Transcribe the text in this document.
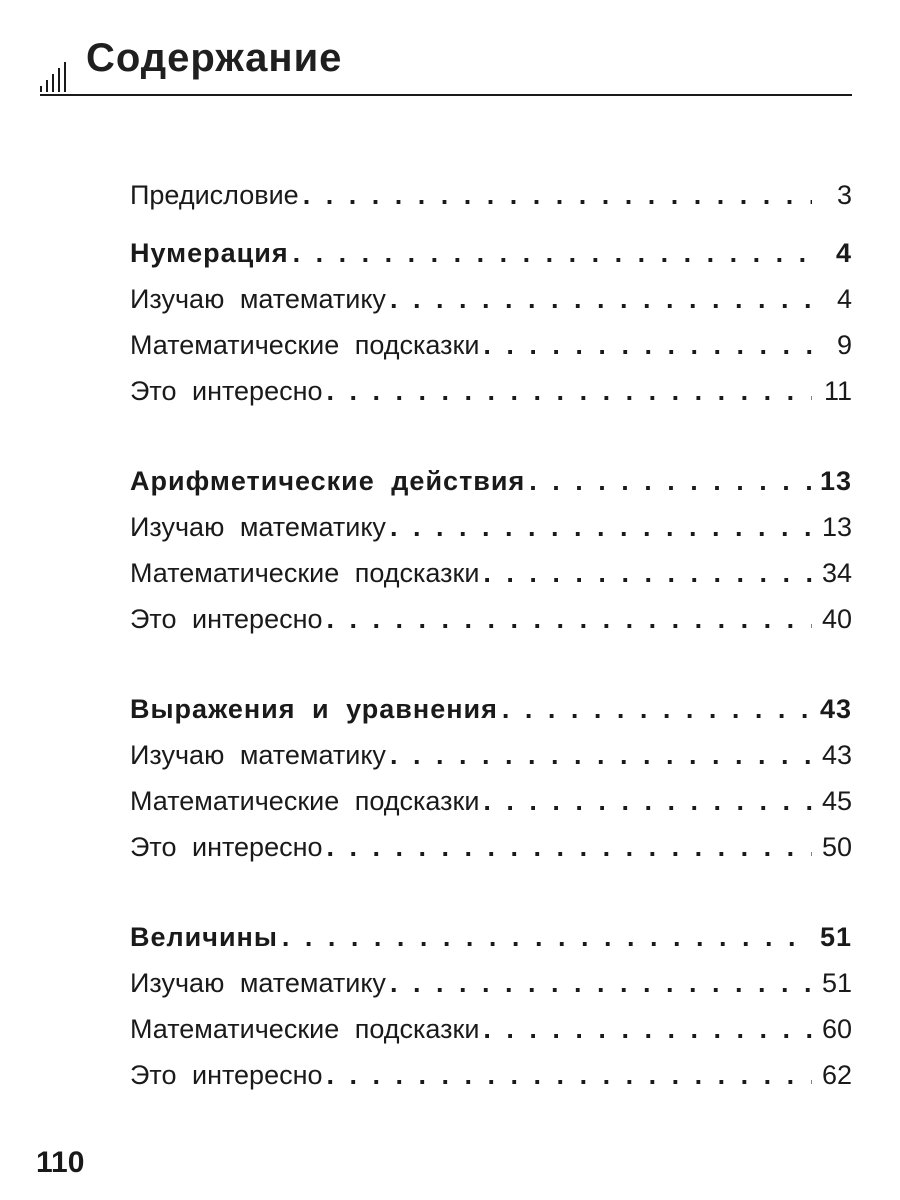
Содержание
Предисловие . . .	3
Нумерация . . .	4
Изучаю математику . . .	4
Математические подсказки . . .	9
Это интересно . . .	11
Арифметические действия . . .	13
Изучаю математику . . .	13
Математические подсказки . . .	34
Это интересно . . .	40
Выражения и уравнения . . .	43
Изучаю математику . . .	43
Математические подсказки . . .	45
Это интересно . . .	50
Величины . . .	51
Изучаю математику . . .	51
Математические подсказки . . .	60
Это интересно . . .	62
110
